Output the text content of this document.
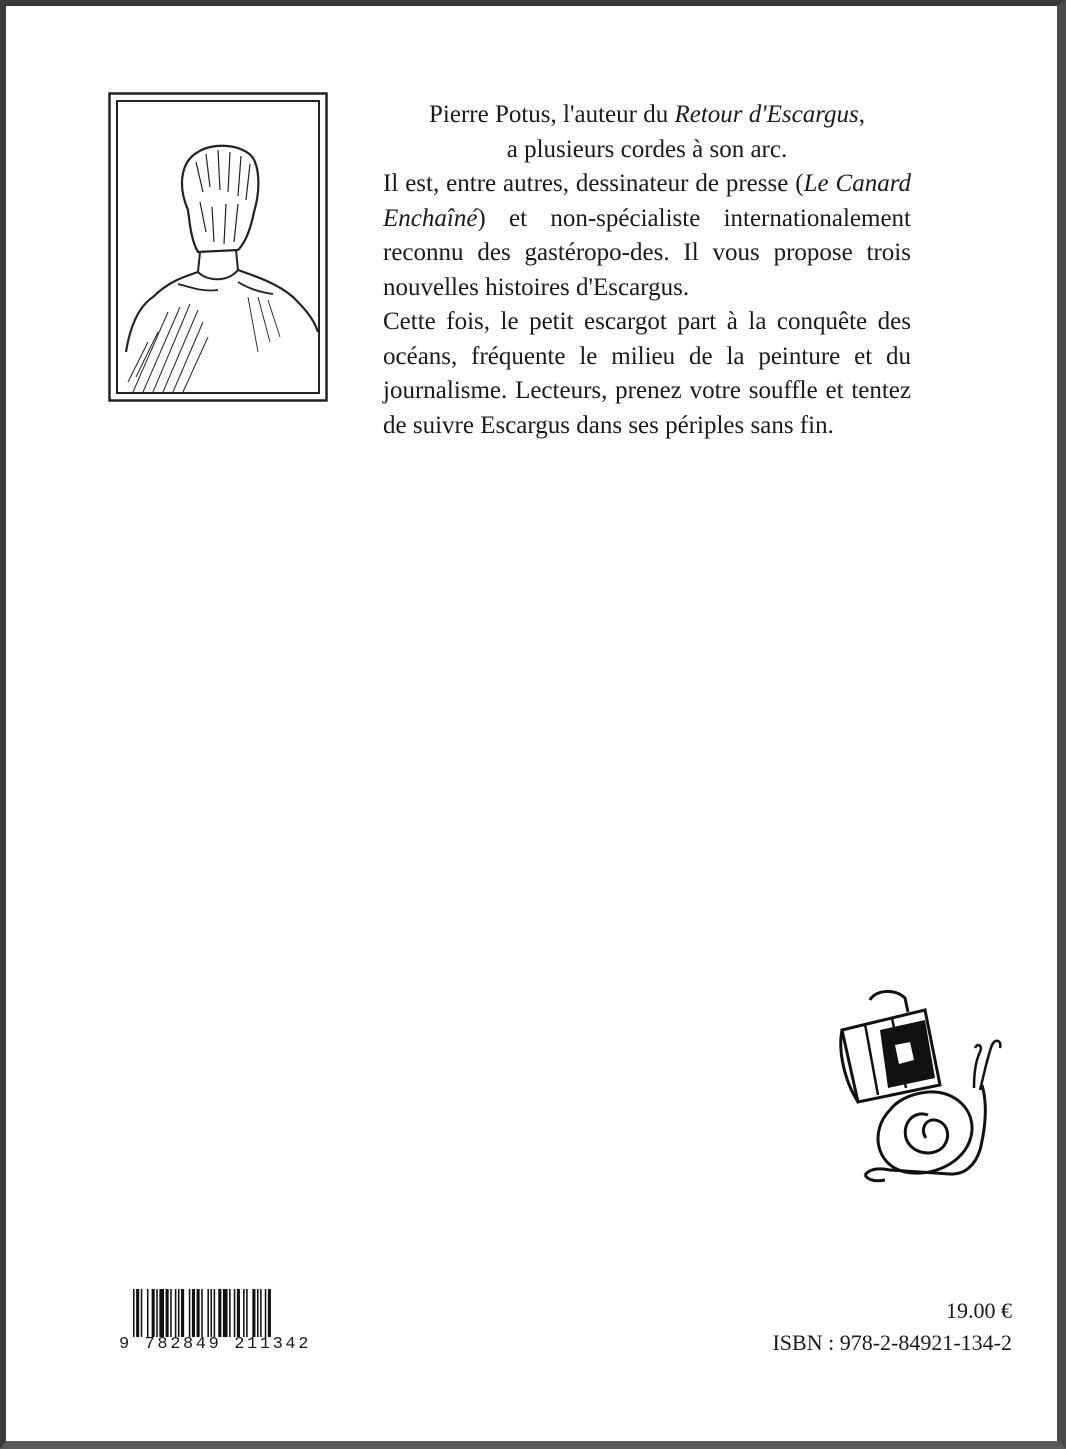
Pierre Potus, l'auteur du Retour d'Escargus,
a plusieurs cordes à son arc.

Il est, entre autres, dessinateur de presse (Le Canard Enchaîné) et non-spécialiste internationalement reconnu des gastéropo-des. Il vous propose trois nouvelles histoires d'Escargus.

Cette fois, le petit escargot part à la conquête des océans, fréquente le milieu de la peinture et du journalisme. Lecteurs, prenez votre souffle et tentez de suivre Escargus dans ses périples sans fin.

9 782849 211342
19.00 €
ISBN : 978-2-84921-134-2
